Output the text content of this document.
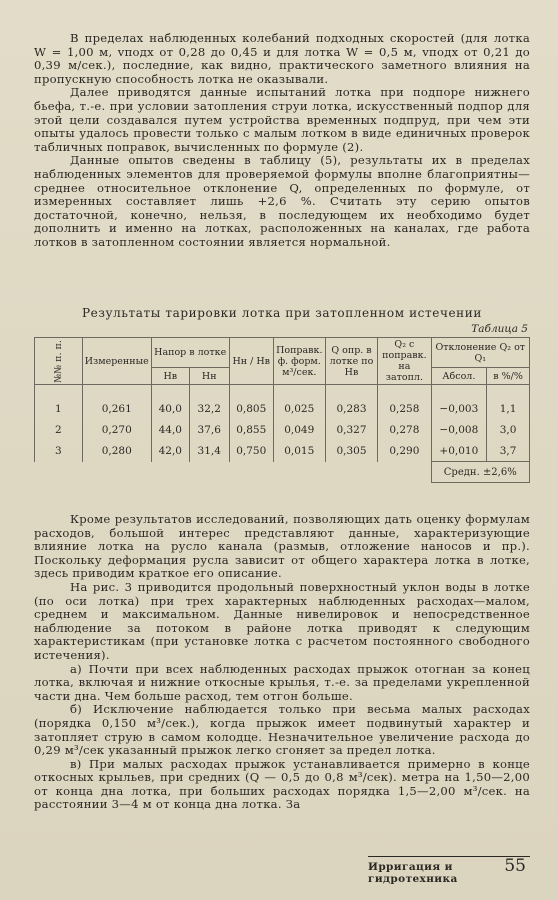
В пределах наблюденных колебаний подходных скоростей (для лотка W = 1,00 м, vподх от 0,28 до 0,45 и для лотка W = 0,5 м, vподх от 0,21 до 0,39 м/сек.), последние, как видно, практического заметного влияния на пропускную способность лотка не оказывали.

Далее приводятся данные испытаний лотка при подпоре нижнего бьефа, т.-е. при условии затопления струи лотка, искусственный подпор для этой цели создавался путем устройства временных подпруд, при чем эти опыты удалось провести только с малым лотком в виде единичных проверок табличных поправок, вычисленных по формуле (2).

Данные опытов сведены в таблицу (5), результаты их в пределах наблюденных элементов для проверяемой формулы вполне благоприятны—среднее относительное отклонение Q, определенных по формуле, от измеренных составляет лишь +2,6 %. Считать эту серию опытов достаточной, конечно, нельзя, в последующем их необходимо будет дополнить и именно на лотках, расположенных на каналах, где работа лотков в затопленном состоянии является нормальной.

Результаты тарировки лотка при затопленном истечении
Таблица 5
№№ п. п.	Измеренные	Напор в лотке		Hн / Hв	Поправк. ф. форм. м³/сек.	Q опр. в лотке по Hв	Q₂ с поправк. на затопл.	Отклонение Q₂ от Q₁	
		Hв	Hн					Абсол.	в %/%
1	0,261	40,0	32,2	0,805	0,025	0,283	0,258	−0,003	1,1
2	0,270	44,0	37,6	0,855	0,049	0,327	0,278	−0,008	3,0
3	0,280	42,0	31,4	0,750	0,015	0,305	0,290	+0,010	3,7
								Средн. ±2,6%	

Кроме результатов исследований, позволяющих дать оценку формулам расходов, большой интерес представляют данные, характеризующие влияние лотка на русло канала (размыв, отложение наносов и пр.). Поскольку деформация русла зависит от общего характера лотка в лотке, здесь приводим краткое его описание.

На рис. 3 приводится продольный поверхностный уклон воды в лотке (по оси лотка) при трех характерных наблюденных расходах—малом, среднем и максимальном. Данные нивелировок и непосредственное наблюдение за потоком в районе лотка приводят к следующим характеристикам (при установке лотка с расчетом постоянного свободного истечения).

а) Почти при всех наблюденных расходах прыжок отогнан за конец лотка, включая и нижние откосные крылья, т.-е. за пределами укрепленной части дна. Чем больше расход, тем отгон больше.

б) Исключение наблюдается только при весьма малых расходах (порядка 0,150 м³/сек.), когда прыжок имеет подвинутый характер и затопляет струю в самом колодце. Незначительное увеличение расхода до 0,29 м³/сек указанный прыжок легко сгоняет за предел лотка.

в) При малых расходах прыжок устанавливается примерно в конце откосных крыльев, при средних (Q — 0,5 до 0,8 м³/сек). метра на 1,50—2,00 от конца дна лотка, при больших расходах порядка 1,5—2,00 м³/сек. на расстоянии 3—4 м от конца дна лотка. За

Ирригация и гидротехника
55
